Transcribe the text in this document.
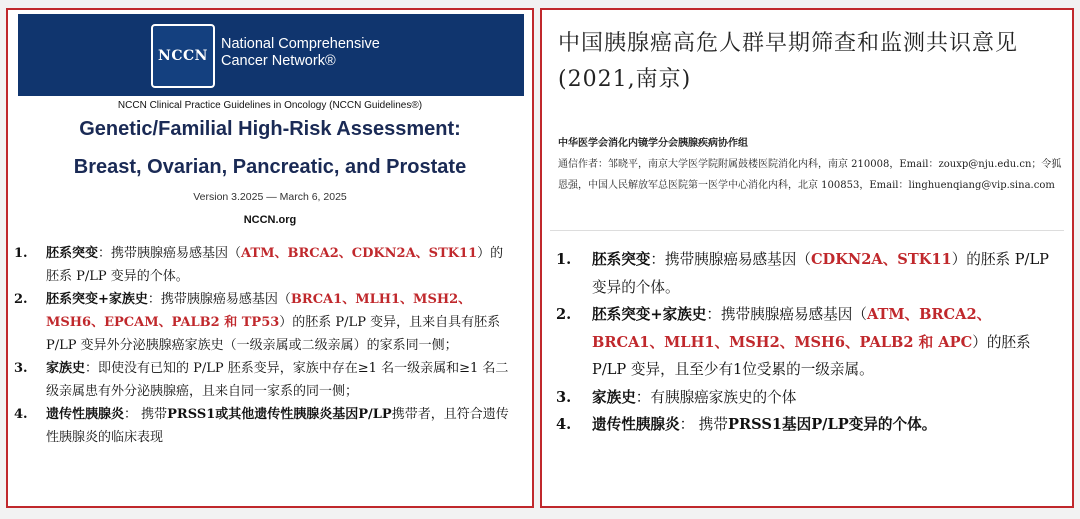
NCCN
National Comprehensive
Cancer Network®
NCCN Clinical Practice Guidelines in Oncology (NCCN Guidelines®)
Genetic/Familial High-Risk Assessment:
Breast, Ovarian, Pancreatic, and Prostate
Version 3.2025 — March 6, 2025
NCCN.org
1. 胚系突变：携带胰腺癌易感基因（ATM、BRCA2、CDKN2A、STK11）的胚系 P/LP 变异的个体。
2. 胚系突变+家族史：携带胰腺癌易感基因（BRCA1、MLH1、MSH2、MSH6、EPCAM、PALB2 和 TP53）的胚系 P/LP 变异，且来自具有胚系 P/LP 变异外分泌胰腺癌家族史（一级亲属或二级亲属）的家系同一侧；
3. 家族史：即使没有已知的 P/LP 胚系变异，家族中存在≥1 名一级亲属和≥1 名二级亲属患有外分泌胰腺癌，且来自同一家系的同一侧；
4. 遗传性胰腺炎： 携带PRSS1或其他遗传性胰腺炎基因P/LP携带者，且符合遗传性胰腺炎的临床表现
中国胰腺癌高危人群早期筛查和监测共识意见(2021,南京)
中华医学会消化内镜学分会胰腺疾病协作组
通信作者：邹晓平，南京大学医学院附属鼓楼医院消化内科，南京 210008，Email：zouxp@nju.edu.cn；令狐恩强，中国人民解放军总医院第一医学中心消化内科，北京 100853，Email：linghuenqiang@vip.sina.com
1. 胚系突变：携带胰腺癌易感基因（CDKN2A、STK11）的胚系 P/LP 变异的个体。
2. 胚系突变+家族史：携带胰腺癌易感基因（ATM、BRCA2、BRCA1、MLH1、MSH2、MSH6、PALB2 和 APC）的胚系 P/LP 变异，且至少有1位受累的一级亲属。
3. 家族史：有胰腺癌家族史的个体
4. 遗传性胰腺炎： 携带PRSS1基因P/LP变异的个体。
